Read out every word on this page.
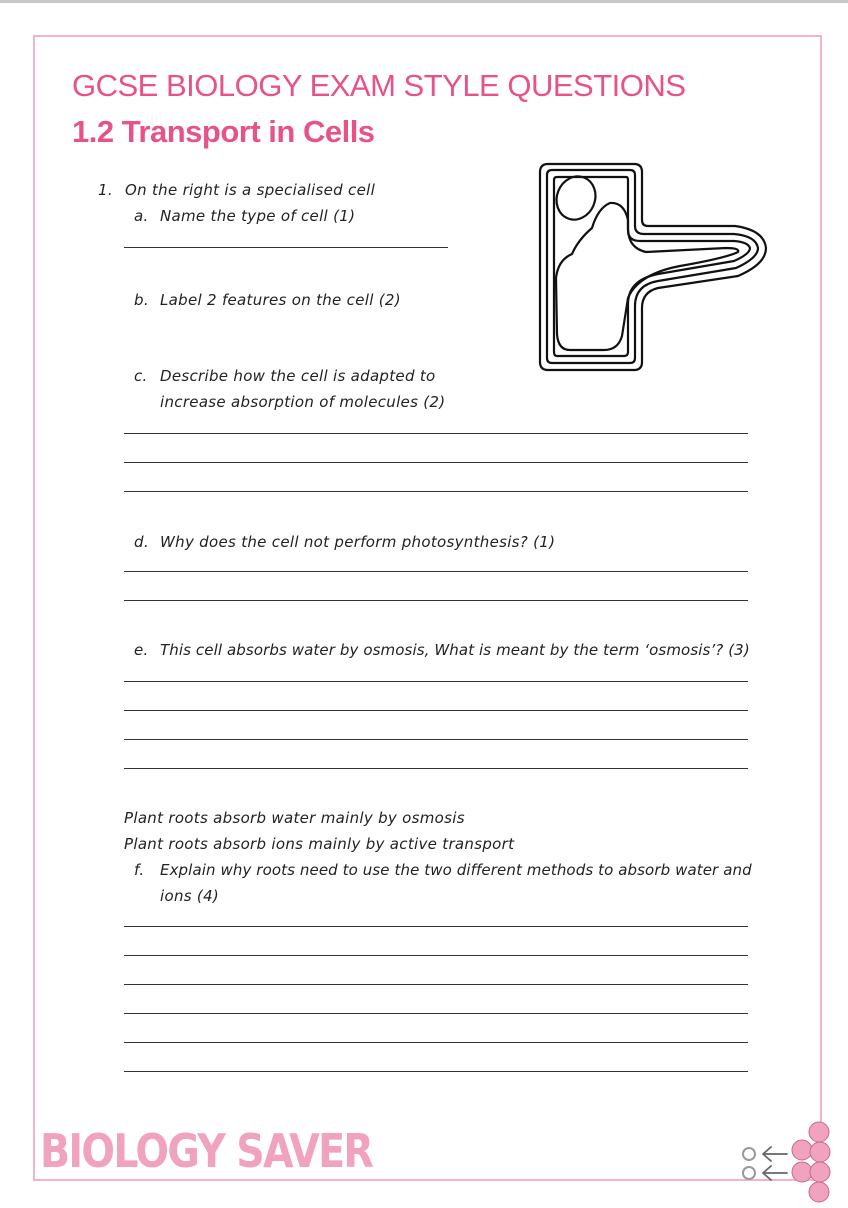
GCSE BIOLOGY EXAM STYLE QUESTIONS
1.2 Transport in Cells
1. On the right is a specialised cell
a. Name the type of cell (1)
b. Label 2 features on the cell (2)
c. Describe how the cell is adapted to
increase absorption of molecules (2)
d. Why does the cell not perform photosynthesis? (1)
e. This cell absorbs water by osmosis, What is meant by the term ‘osmosis’? (3)
Plant roots absorb water mainly by osmosis
Plant roots absorb ions mainly by active transport
f. Explain why roots need to use the two different methods to absorb water and
ions (4)
BIOLOGY SAVER
